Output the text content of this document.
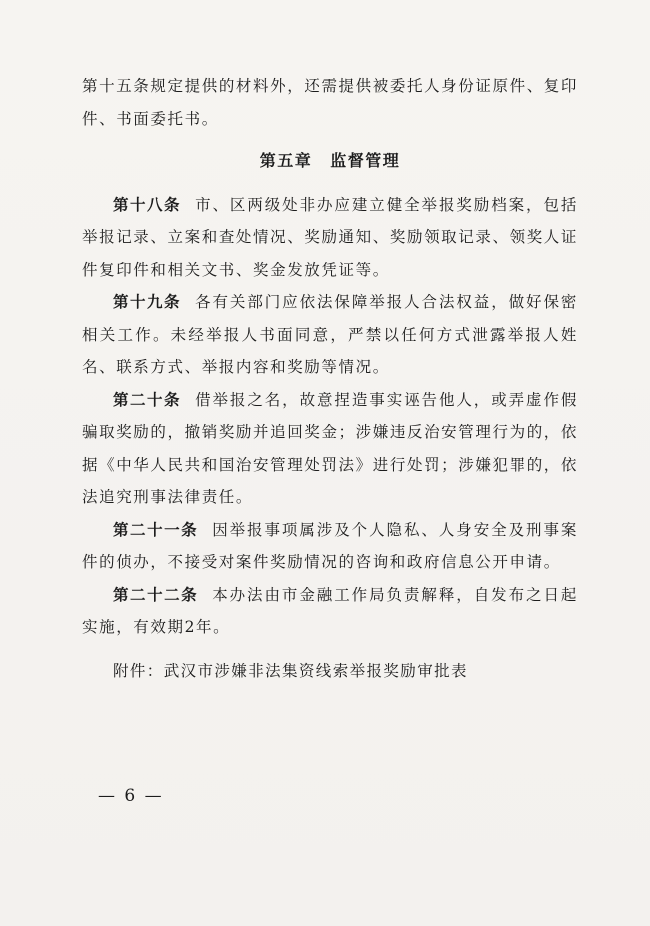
第十五条规定提供的材料外，还需提供被委托人身份证原件、复印件、书面委托书。

第五章 监督管理

第十八条 市、区两级处非办应建立健全举报奖励档案，包括举报记录、立案和查处情况、奖励通知、奖励领取记录、领奖人证件复印件和相关文书、奖金发放凭证等。

第十九条 各有关部门应依法保障举报人合法权益，做好保密相关工作。未经举报人书面同意，严禁以任何方式泄露举报人姓名、联系方式、举报内容和奖励等情况。

第二十条 借举报之名，故意捏造事实诬告他人，或弄虚作假骗取奖励的，撤销奖励并追回奖金；涉嫌违反治安管理行为的，依据《中华人民共和国治安管理处罚法》进行处罚；涉嫌犯罪的，依法追究刑事法律责任。

第二十一条 因举报事项属涉及个人隐私、人身安全及刑事案件的侦办，不接受对案件奖励情况的咨询和政府信息公开申请。

第二十二条 本办法由市金融工作局负责解释，自发布之日起实施，有效期2年。

附件：武汉市涉嫌非法集资线索举报奖励审批表

— 6 —
